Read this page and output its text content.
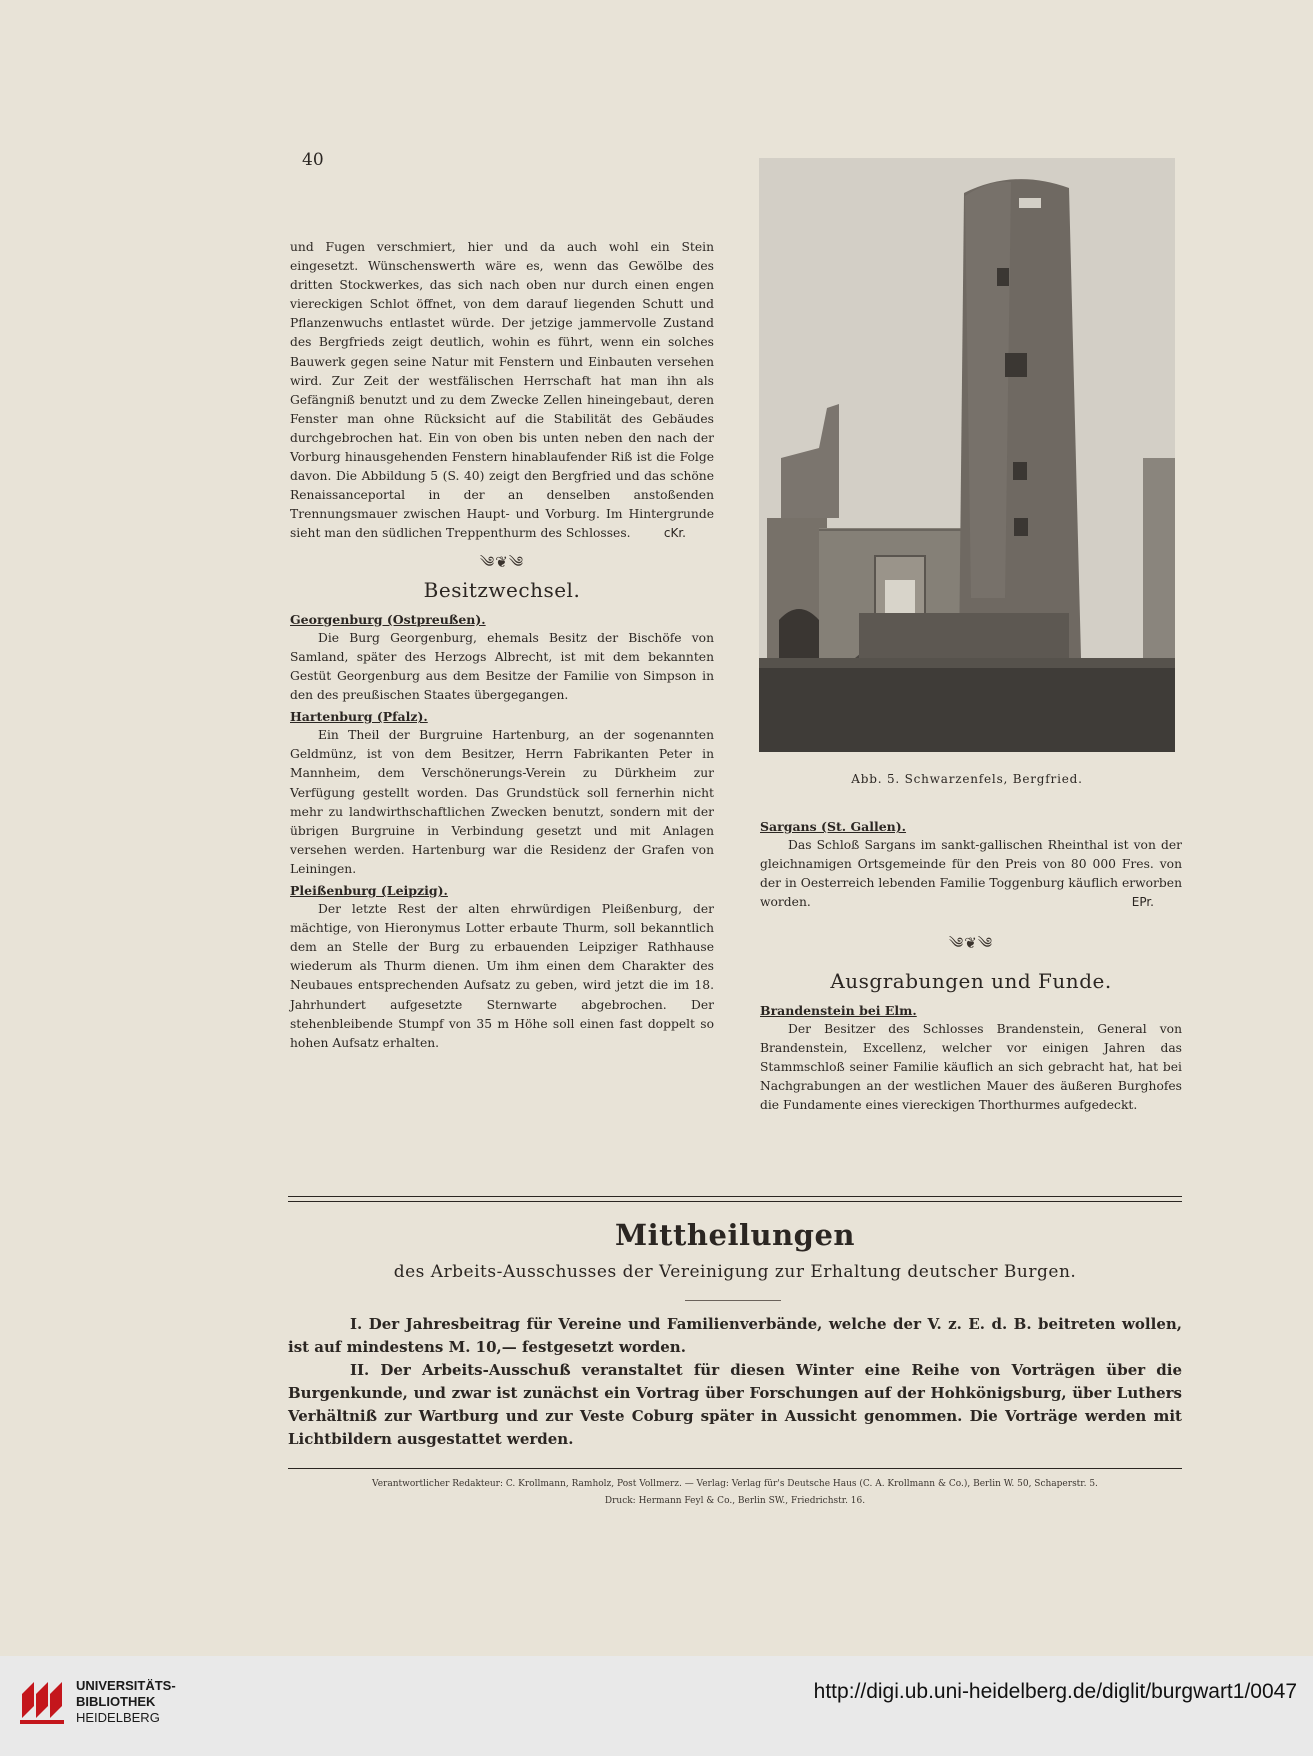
40

und Fugen verschmiert, hier und da auch wohl ein Stein eingesetzt. Wünschenswerth wäre es, wenn das Gewölbe des dritten Stockwerkes, das sich nach oben nur durch einen engen viereckigen Schlot öffnet, von dem darauf liegenden Schutt und Pflanzenwuchs entlastet würde. Der jetzige jammervolle Zustand des Bergfrieds zeigt deutlich, wohin es führt, wenn ein solches Bauwerk gegen seine Natur mit Fenstern und Einbauten versehen wird. Zur Zeit der westfälischen Herrschaft hat man ihn als Gefängniß benutzt und zu dem Zwecke Zellen hineingebaut, deren Fenster man ohne Rücksicht auf die Stabilität des Gebäudes durchgebrochen hat. Ein von oben bis unten neben den nach der Vorburg hinausgehenden Fenstern hinablaufender Riß ist die Folge davon. Die Abbildung 5 (S. 40) zeigt den Bergfried und das schöne Renaissanceportal in der an denselben anstoßenden Trennungsmauer zwischen Haupt- und Vorburg. Im Hintergrunde sieht man den südlichen Treppenthurm des Schlosses.	cKr.

༄❦༄
Besitzwechsel.
Georgenburg (Ostpreußen).

Die Burg Georgenburg, ehemals Besitz der Bischöfe von Samland, später des Herzogs Albrecht, ist mit dem bekannten Gestüt Georgenburg aus dem Besitze der Familie von Simpson in den des preußischen Staates übergegangen.

Hartenburg (Pfalz).

Ein Theil der Burgruine Hartenburg, an der sogenannten Geldmünz, ist von dem Besitzer, Herrn Fabrikanten Peter in Mannheim, dem Verschönerungs-Verein zu Dürkheim zur Verfügung gestellt worden. Das Grundstück soll fernerhin nicht mehr zu landwirthschaftlichen Zwecken benutzt, sondern mit der übrigen Burgruine in Verbindung gesetzt und mit Anlagen versehen werden. Hartenburg war die Residenz der Grafen von Leiningen.

Pleißenburg (Leipzig).

Der letzte Rest der alten ehrwürdigen Pleißenburg, der mächtige, von Hieronymus Lotter erbaute Thurm, soll bekanntlich dem an Stelle der Burg zu erbauenden Leipziger Rathhause wiederum als Thurm dienen. Um ihm einen dem Charakter des Neubaues entsprechenden Aufsatz zu geben, wird jetzt die im 18. Jahrhundert aufgesetzte Sternwarte abgebrochen. Der stehenbleibende Stumpf von 35 m Höhe soll einen fast doppelt so hohen Aufsatz erhalten.

Abb. 5. Schwarzenfels, Bergfried.
Sargans (St. Gallen).

Das Schloß Sargans im sankt-gallischen Rheinthal ist von der gleichnamigen Ortsgemeinde für den Preis von 80 000 Fres. von der in Oesterreich lebenden Familie Toggenburg käuflich erworben worden.	EPr.

༄❦༄
Ausgrabungen und Funde.
Brandenstein bei Elm.

Der Besitzer des Schlosses Brandenstein, General von Brandenstein, Excellenz, welcher vor einigen Jahren das Stammschloß seiner Familie käuflich an sich gebracht hat, hat bei Nachgrabungen an der westlichen Mauer des äußeren Burghofes die Fundamente eines viereckigen Thorthurmes aufgedeckt.

Mittheilungen
des Arbeits-Ausschusses der Vereinigung zur Erhaltung deutscher Burgen.

I. Der Jahresbeitrag für Vereine und Familienverbände, welche der V. z. E. d. B. beitreten wollen, ist auf mindestens M. 10,— festgesetzt worden.

II. Der Arbeits-Ausschuß veranstaltet für diesen Winter eine Reihe von Vorträgen über die Burgenkunde, und zwar ist zunächst ein Vortrag über Forschungen auf der Hohkönigsburg, über Luthers Verhältniß zur Wartburg und zur Veste Coburg später in Aussicht genommen. Die Vorträge werden mit Lichtbildern ausgestattet werden.

Verantwortlicher Redakteur: C. Krollmann, Ramholz, Post Vollmerz. — Verlag: Verlag für's Deutsche Haus (C. A. Krollmann & Co.), Berlin W. 50, Schaperstr. 5.
Druck: Hermann Feyl & Co., Berlin SW., Friedrichstr. 16.
UNIVERSITÄTS-
BIBLIOTHEK
HEIDELBERG
http://digi.ub.uni-heidelberg.de/diglit/burgwart1/0047
